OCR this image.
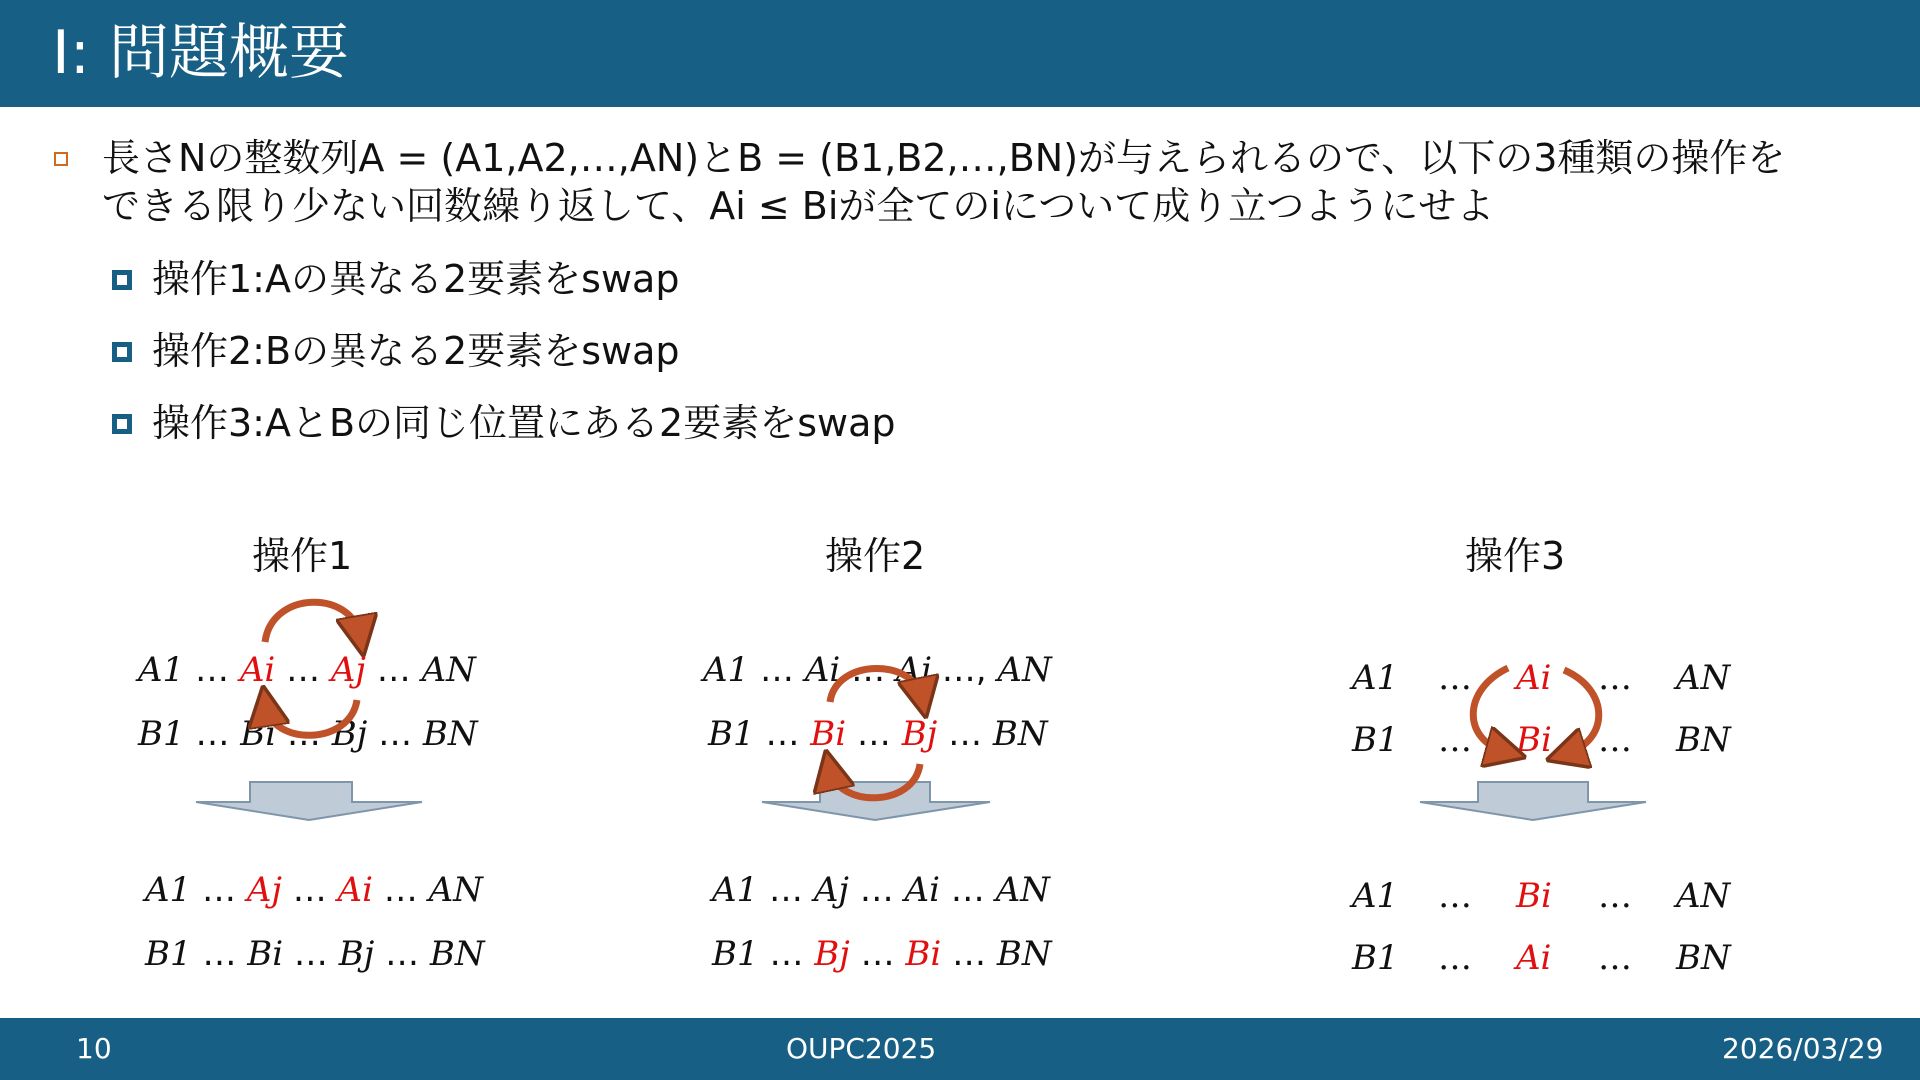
I: 問題概要
長さNの整数列A = (A1,A2,…,AN)とB = (B1,B2,…,BN)が与えられるので、以下の3種類の操作を
できる限り少ない回数繰り返して、Ai ≤ Biが全てのiについて成り立つようにせよ
操作1:Aの異なる2要素をswap
操作2:Bの異なる2要素をswap
操作3:AとBの同じ位置にある2要素をswap
操作1	操作2	操作3
A1 … Ai … Aj … AN
B1 … Bi … Bj … BN
A1 … Aj … Ai … AN
B1 … Bi … Bj … BN
A1 … Ai … Aj …, AN
B1 … Bi … Bj … BN
A1 … Aj … Ai … AN
B1 … Bj … Bi … BN
A1 … Ai … AN
B1 … Bi … BN
A1 … Bi … AN
B1 … Ai … BN
10	OUPC2025	2026/03/29
